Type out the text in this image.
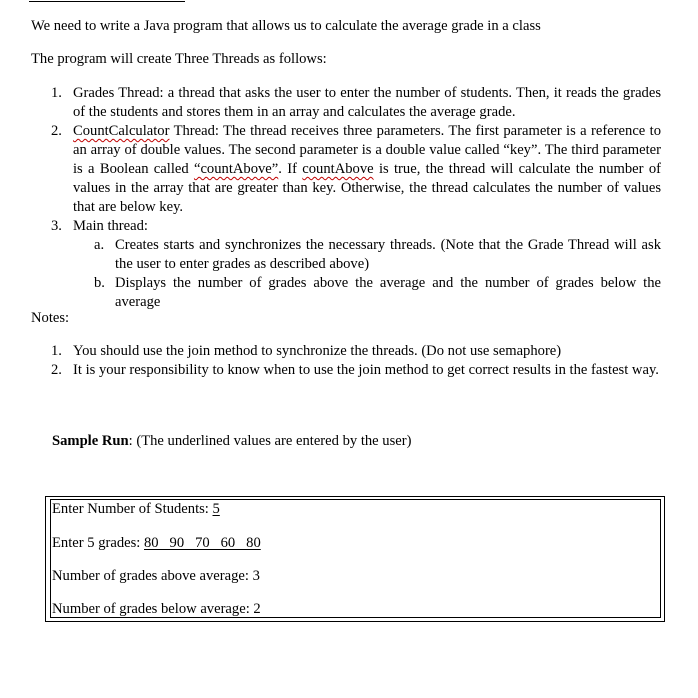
We need to write a Java program that allows us to calculate the average grade in a class

The program will create Three Threads as follows:

1. Grades Thread: a thread that asks the user to enter the number of students. Then, it reads the grades of the students and stores them in an array and calculates the average grade.
2. CountCalculator Thread: The thread receives three parameters. The first parameter is a reference to an array of double values. The second parameter is a double value called “key”. The third parameter is a Boolean called “countAbove”. If countAbove is true, the thread will calculate the number of values in the array that are greater than key. Otherwise, the thread calculates the number of values that are below key.
3. Main thread:
a. Creates starts and synchronizes the necessary threads. (Note that the Grade Thread will ask the user to enter grades as described above)
b. Displays the number of grades above the average and the number of grades below the average

Notes:

1. You should use the join method to synchronize the threads. (Do not use semaphore)
2. It is your responsibility to know when to use the join method to get correct results in the fastest way.

Sample Run: (The underlined values are entered by the user)

Enter Number of Students: 5

Enter 5 grades: 80   90   70   60   80

Number of grades above average: 3

Number of grades below average: 2
